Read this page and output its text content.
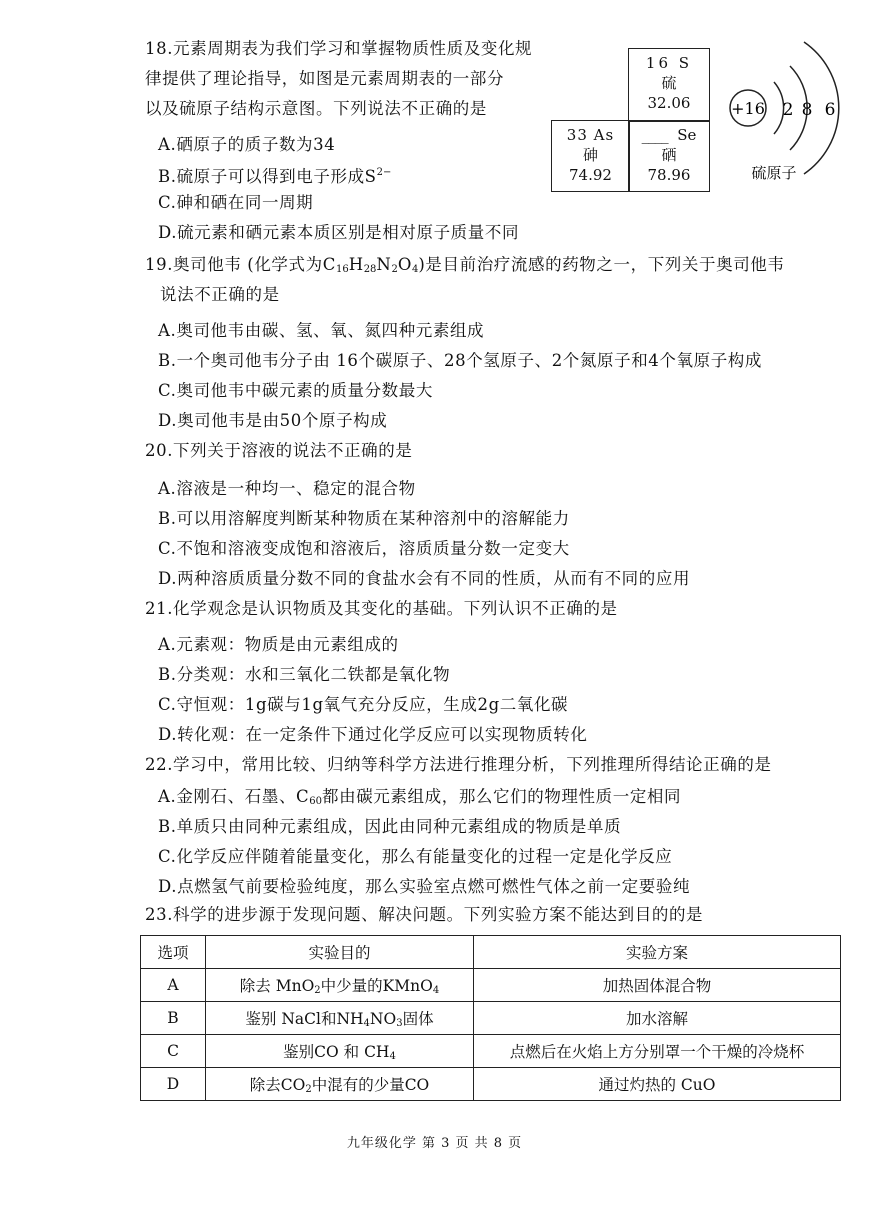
18.元素周期表为我们学习和掌握物质性质及变化规
律提供了理论指导，如图是元素周期表的一部分
以及硫原子结构示意图。下列说法不正确的是
A.硒原子的质子数为34
B.硫原子可以得到电子形成$S^{2-}$
C.砷和硒在同一周期
D.硫元素和硒元素本质区别是相对原子质量不同
16 S
硫
32.06
33 As
砷
74.92
____ Se
硒
78.96
+16 2 8 6
硫原子
19.奥司他韦 (化学式为$C_{16}H_{28}N_2O_4$)是目前治疗流感的药物之一，下列关于奥司他韦
说法不正确的是
A.奥司他韦由碳、氢、氧、氮四种元素组成
B.一个奥司他韦分子由 16个碳原子、28个氢原子、2个氮原子和4个氧原子构成
C.奥司他韦中碳元素的质量分数最大
D.奥司他韦是由50个原子构成
20.下列关于溶液的说法不正确的是
A.溶液是一种均一、稳定的混合物
B.可以用溶解度判断某种物质在某种溶剂中的溶解能力
C.不饱和溶液变成饱和溶液后，溶质质量分数一定变大
D.两种溶质质量分数不同的食盐水会有不同的性质，从而有不同的应用
21.化学观念是认识物质及其变化的基础。下列认识不正确的是
A.元素观：物质是由元素组成的
B.分类观：水和三氧化二铁都是氧化物
C.守恒观：1g碳与1g氧气充分反应，生成2g二氧化碳
D.转化观：在一定条件下通过化学反应可以实现物质转化
22.学习中，常用比较、归纳等科学方法进行推理分析，下列推理所得结论正确的是
A.金刚石、石墨、$C_{60}$都由碳元素组成，那么它们的物理性质一定相同
B.单质只由同种元素组成，因此由同种元素组成的物质是单质
C.化学反应伴随着能量变化，那么有能量变化的过程一定是化学反应
D.点燃氢气前要检验纯度，那么实验室点燃可燃性气体之前一定要验纯
23.科学的进步源于发现问题、解决问题。下列实验方案不能达到目的的是
选项	实验目的	实验方案
A	除去 MnO$_2$中少量的KMnO$_4$	加热固体混合物
B	鉴别 NaCl和$NH_4NO_3$固体	加水溶解
C	鉴别CO 和 $CH_4$	点燃后在火焰上方分别罩一个干燥的冷烧杯
D	除去$CO_2$中混有的少量CO	通过灼热的 CuO
九年级化学 第 3 页 共 8 页
